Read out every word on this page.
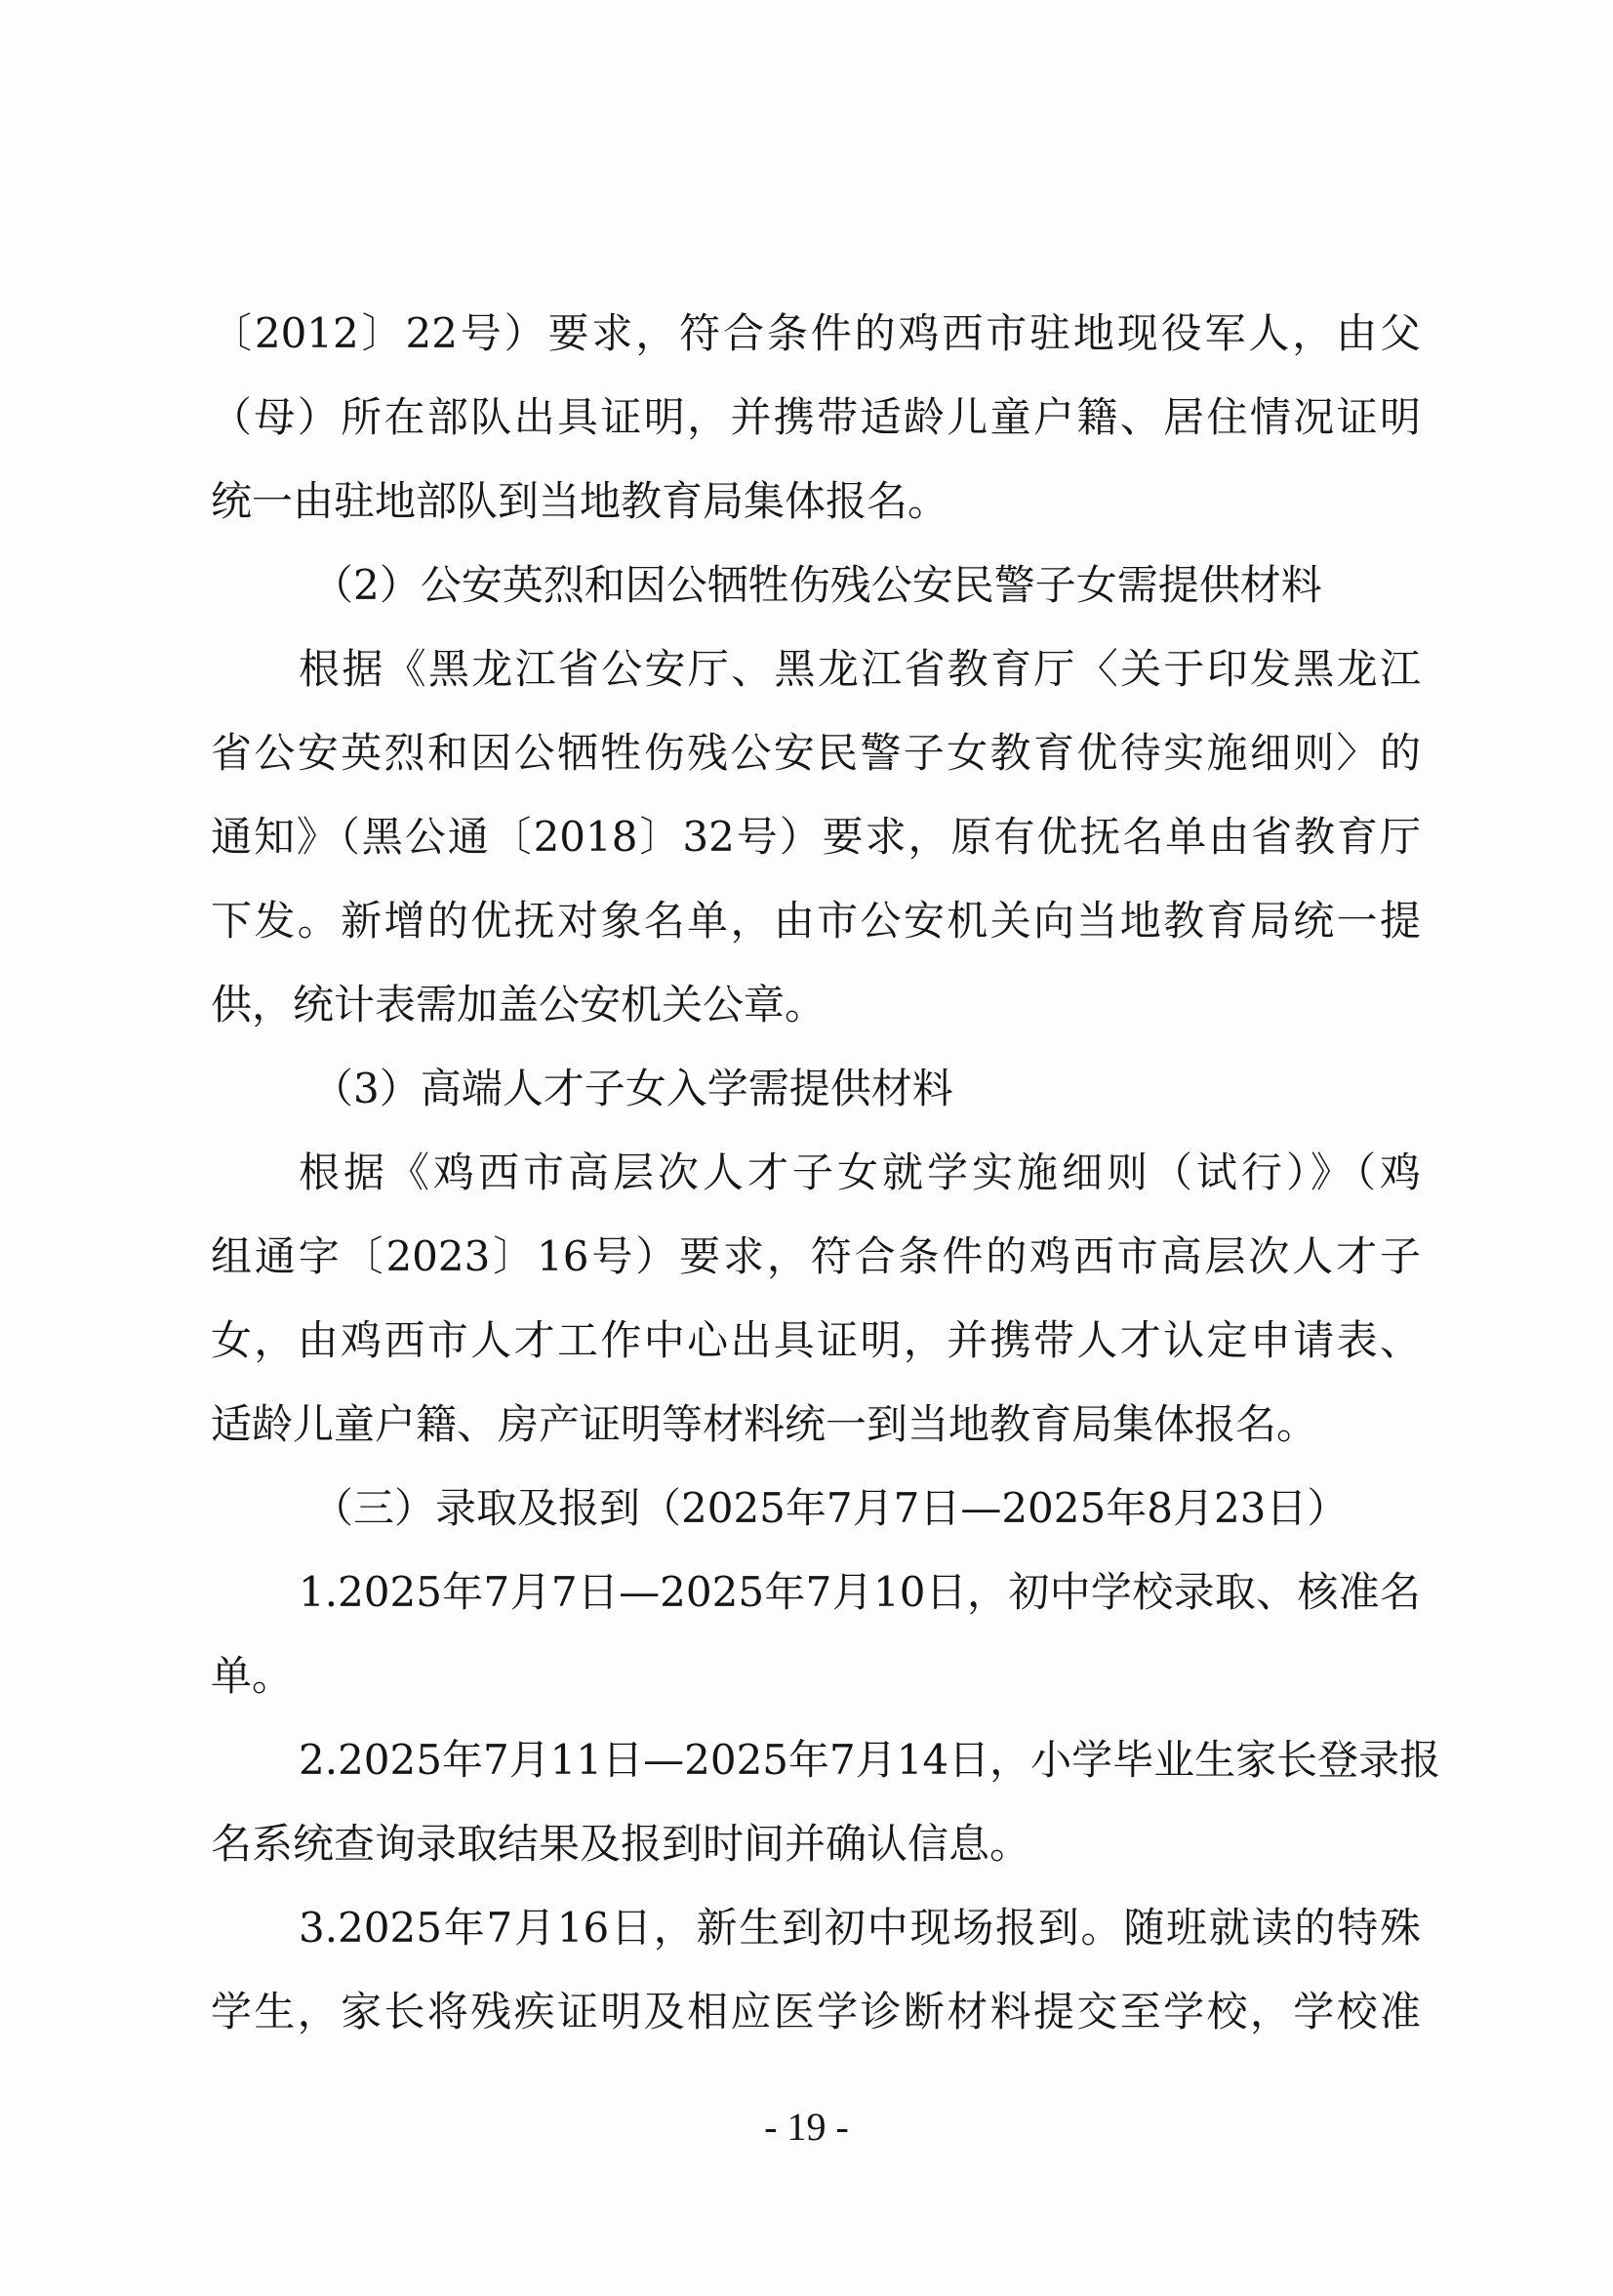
〔2012〕22号）要求，符合条件的鸡西市驻地现役军人，由父
（母）所在部队出具证明，并携带适龄儿童户籍、居住情况证明
统一由驻地部队到当地教育局集体报名。
（2）公安英烈和因公牺牲伤残公安民警子女需提供材料
根据《黑龙江省公安厅、黑龙江省教育厅〈关于印发黑龙江
省公安英烈和因公牺牲伤残公安民警子女教育优待实施细则〉的
通知》（黑公通〔2018〕32号）要求，原有优抚名单由省教育厅
下发。新增的优抚对象名单，由市公安机关向当地教育局统一提
供，统计表需加盖公安机关公章。
（3）高端人才子女入学需提供材料
根据《鸡西市高层次人才子女就学实施细则（试行）》（鸡
组通字〔2023〕16号）要求，符合条件的鸡西市高层次人才子
女，由鸡西市人才工作中心出具证明，并携带人才认定申请表、
适龄儿童户籍、房产证明等材料统一到当地教育局集体报名。
（三）录取及报到（2025年7月7日—2025年8月23日）
1.2025年7月7日—2025年7月10日，初中学校录取、核准名
单。
2.2025年7月11日—2025年7月14日，小学毕业生家长登录报
名系统查询录取结果及报到时间并确认信息。
3.2025年7月16日，新生到初中现场报到。随班就读的特殊
学生，家长将残疾证明及相应医学诊断材料提交至学校，学校准
- 19 -
